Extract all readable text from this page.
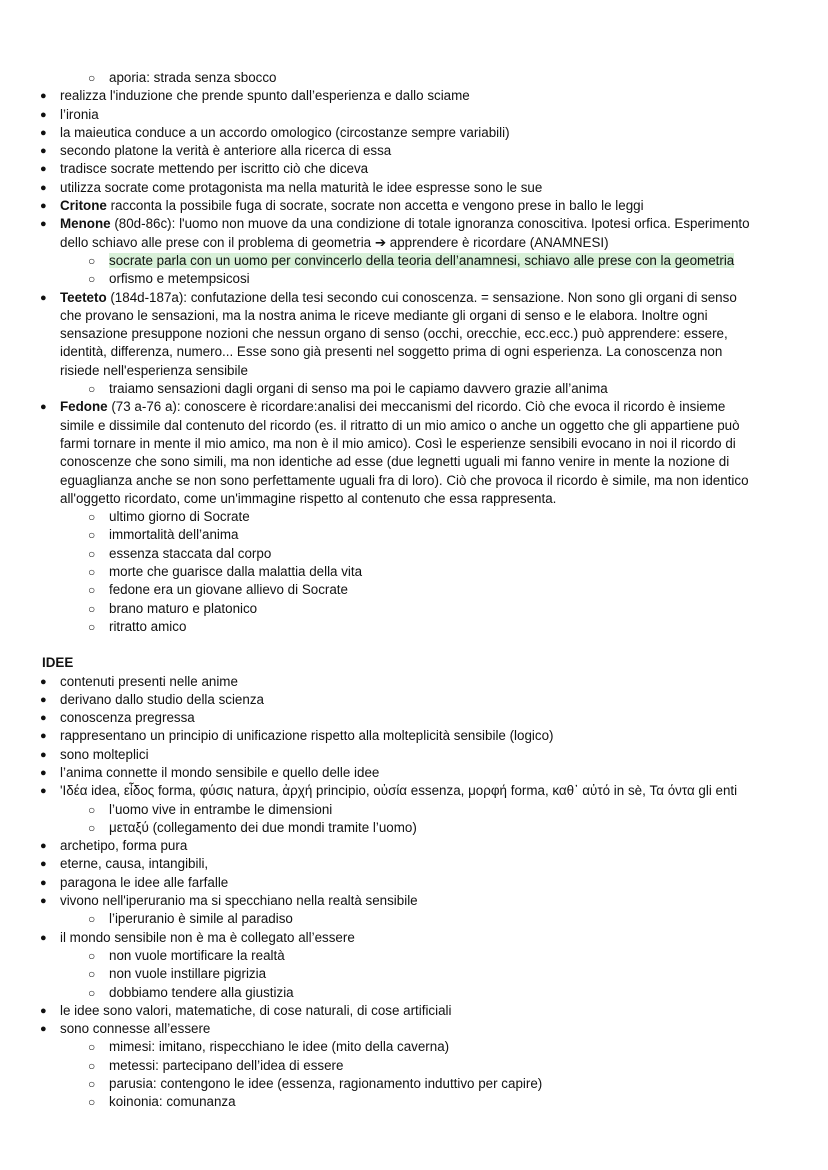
○	aporia: strada senza sbocco
● realizza l'induzione che prende spunto dall’esperienza e dallo sciame
● l’ironia
● la maieutica conduce a un accordo omologico (circostanze sempre variabili)
● secondo platone la verità è anteriore alla ricerca di essa
● tradisce socrate mettendo per iscritto ciò che diceva
● utilizza socrate come protagonista ma nella maturità le idee espresse sono le sue
● Critone racconta la possibile fuga di socrate, socrate non accetta e vengono prese in ballo le leggi
● Menone (80d-86c): l'uomo non muove da una condizione di totale ignoranza conoscitiva. Ipotesi orfica. Esperimento
dello schiavo alle prese con il problema di geometria ➔ apprendere è ricordare (ANAMNESI)
○	socrate parla con un uomo per convincerlo della teoria dell’anamnesi, schiavo alle prese con la geometria
○	orfismo e metempsicosi
● Teeteto (184d-187a): confutazione della tesi secondo cui conoscenza. = sensazione. Non sono gli organi di senso
che provano le sensazioni, ma la nostra anima le riceve mediante gli organi di senso e le elabora. Inoltre ogni
sensazione presuppone nozioni che nessun organo di senso (occhi, orecchie, ecc.ecc.) può apprendere: essere,
identità, differenza, numero... Esse sono già presenti nel soggetto prima di ogni esperienza. La conoscenza non
risiede nell'esperienza sensibile
○	traiamo sensazioni dagli organi di senso ma poi le capiamo davvero grazie all’anima
● Fedone (73 a-76 a): conoscere è ricordare:analisi dei meccanismi del ricordo. Ciò che evoca il ricordo è insieme
simile e dissimile dal contenuto del ricordo (es. il ritratto di un mio amico o anche un oggetto che gli appartiene può
farmi tornare in mente il mio amico, ma non è il mio amico). Così le esperienze sensibili evocano in noi il ricordo di
conoscenze che sono simili, ma non identiche ad esse (due legnetti uguali mi fanno venire in mente la nozione di
eguaglianza anche se non sono perfettamente uguali fra di loro). Ciò che provoca il ricordo è simile, ma non identico
all'oggetto ricordato, come un'immagine rispetto al contenuto che essa rappresenta.
○	ultimo giorno di Socrate
○	immortalità dell’anima
○	essenza staccata dal corpo
○	morte che guarisce dalla malattia della vita
○	fedone era un giovane allievo di Socrate
○	brano maturo e platonico
○	ritratto amico
IDEE
● contenuti presenti nelle anime
● derivano dallo studio della scienza
● conoscenza pregressa
● rappresentano un principio di unificazione rispetto alla molteplicità sensibile (logico)
● sono molteplici
● l’anima connette il mondo sensibile e quello delle idee
● 'Ιδέα idea, εἶδος forma, φύσις natura, ἀρχή principio, οὐσία essenza, μορφή forma, καθ᾽ αὐτό in sè, Τα όντα gli enti
○	l’uomo vive in entrambe le dimensioni
○	μεταξύ (collegamento dei due mondi tramite l’uomo)
● archetipo, forma pura
● eterne, causa, intangibili,
● paragona le idee alle farfalle
● vivono nell'iperuranio ma si specchiano nella realtà sensibile
○	l’iperuranio è simile al paradiso
● il mondo sensibile non è ma è collegato all’essere
○	non vuole mortificare la realtà
○	non vuole instillare pigrizia
○	dobbiamo tendere alla giustizia
● le idee sono valori, matematiche, di cose naturali, di cose artificiali
● sono connesse all’essere
○	mimesi: imitano, rispecchiano le idee (mito della caverna)
○	metessi: partecipano dell’idea di essere
○	parusia: contengono le idee (essenza, ragionamento induttivo per capire)
○	koinonia: comunanza
